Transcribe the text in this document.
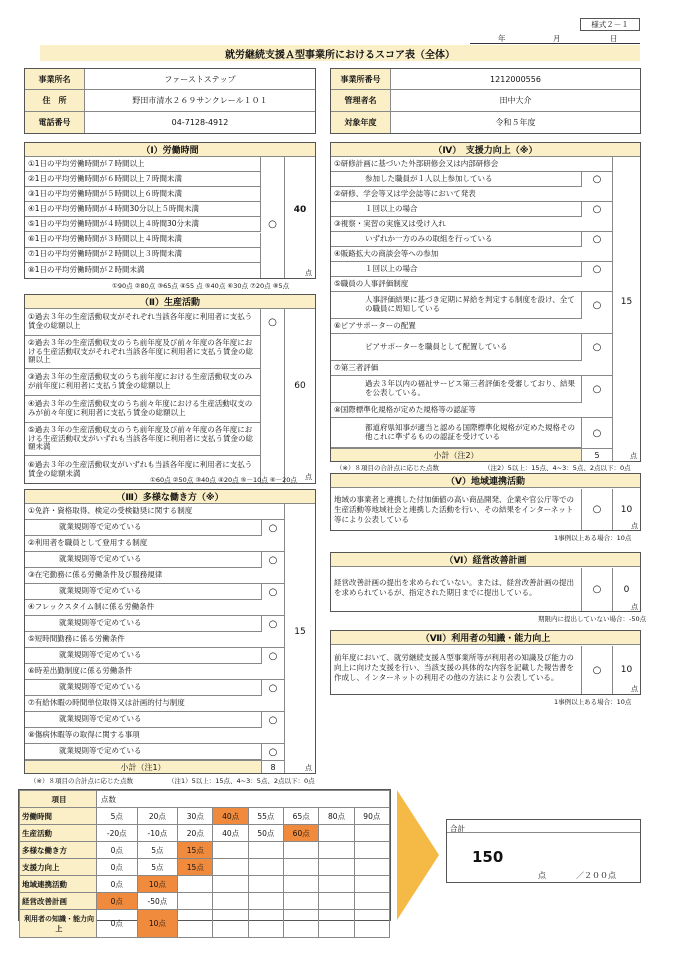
様式２－１
年	月	日
就労継続支援Ａ型事業所におけるスコア表（全体）
事業所名	ファーストステップ
住　所	野田市清水２６９サンクレール１０１
電話番号	04-7128-4912
事業所番号	1212000556
管理者名	田中大介
対象年度	令和５年度
（Ⅰ）労働時間
①1日の平均労働時間が７時間以上
②1日の平均労働時間が６時間以上７時間未満
③1日の平均労働時間が５時間以上６時間未満
④1日の平均労働時間が４時間30分以上５時間未満
⑤1日の平均労働時間が４時間以上４時間30分未満	○
⑥1日の平均労働時間が３時間以上４時間未満
⑦1日の平均労働時間が２時間以上３時間未満
⑧1日の平均労働時間が２時間未満
40
点
①90点 ②80点 ③65点 ④55 点 ⑤40点 ⑥30点 ⑦20点 ⑧5点
（Ⅱ）生産活動
①過去３年の生産活動収支がそれぞれ当該各年度に利用者に支払う賃金の総額以上	○
②過去３年の生産活動収支のうち前年度及び前々年度の各年度における生産活動収支がそれぞれ当該各年度に利用者に支払う賃金の総額以上
③過去３年の生産活動収支のうち前年度における生産活動収支のみが前年度に利用者に支払う賃金の総額以上
④過去３年の生産活動収支のうち前々年度における生産活動収支のみが前々年度に利用者に支払う賃金の総額以上
⑤過去３年の生産活動収支のうち前年度及び前々年度の各年度における生産活動収支がいずれも当該各年度に利用者に支払う賃金の総額未満
⑥過去３年の生産活動収支がいずれも当該各年度に利用者に支払う賃金の総額未満
60
点
①60点 ②50点 ③40点 ④20点 ⑤－10点 ⑥－20点
（Ⅲ）多様な働き方（※）
①免許・資格取得、検定の受検勧奨に関する制度
就業規則等で定めている	○
②利用者を職員として登用する制度
就業規則等で定めている	○
③在宅勤務に係る労働条件及び服務規律
就業規則等で定めている	○
④フレックスタイム制に係る労働条件
就業規則等で定めている	○
⑤短時間勤務に係る労働条件
就業規則等で定めている	○
⑥時差出勤制度に係る労働条件
就業規則等で定めている	○
⑦有給休暇の時間単位取得又は計画的付与制度
就業規則等で定めている	○
⑧傷病休暇等の取得に関する事項
就業規則等で定めている	○
15
小計（注1）	8	点
（※）８項目の合計点に応じた点数	（注1）5以上：15点、4~3：5点、2点以下：0点
（Ⅳ）　支援力向上（※）
①研修計画に基づいた外部研修会又は内部研修会
参加した職員が１人以上参加している	○
②研修、学会等又は学会誌等において発表
１回以上の場合	○
③視察・実習の実施又は受け入れ
いずれか一方のみの取組を行っている	○
④販路拡大の商談会等への参加
１回以上の場合	○
⑤職員の人事評価制度
人事評価結果に基づき定期に昇給を判定する制度を設け、全ての職員に周知している	○
⑥ピアサポーターの配置
ピアサポーターを職員として配置している	○
⑦第三者評価
過去３年以内の福祉サービス第三者評価を受審しており、結果を公表している。	○
⑧国際標準化規格が定めた規格等の認証等
都道府県知事が適当と認める国際標準化規格が定めた規格その他これに準ずるものの認証を受けている	○
15
小計（注2）	5	点
（※）８項目の合計点に応じた点数	（注2）5以上：15点、4~3：5点、2点以下：0点
（Ⅴ）地域連携活動
地域の事業者と連携した付加価値の高い商品開発、企業や官公庁等での生産活動等地域社会と連携した活動を行い、その結果をインターネット等により公表している
○	10
点
1事例以上ある場合：10点
（Ⅵ）経営改善計画
経営改善計画の提出を求められていない。または、経営改善計画の提出を求められているが、指定された期日までに提出している。	○	0
点
期限内に提出していない場合：-50点
（Ⅶ）利用者の知識・能力向上
前年度において、就労継続支援Ａ型事業所等が利用者の知識及び能力の向上に向けた支援を行い、当該支援の具体的な内容を記載した報告書を作成し、インターネットの利用その他の方法により公表している。
○	10
点
1事例以上ある場合：10点
項目	点数							
労働時間	5点	20点	30点	40点	55点	65点	80点	90点
生産活動	-20点	-10点	20点	40点	50点	60点		
多様な働き方	0点	5点	15点					
支援力向上	0点	5点	15点					
地域連携活動	0点	10点						
経営改善計画	0点	-50点						
利用者の知識・能力向上	0点	10点						
合計
150
点	／２００点
